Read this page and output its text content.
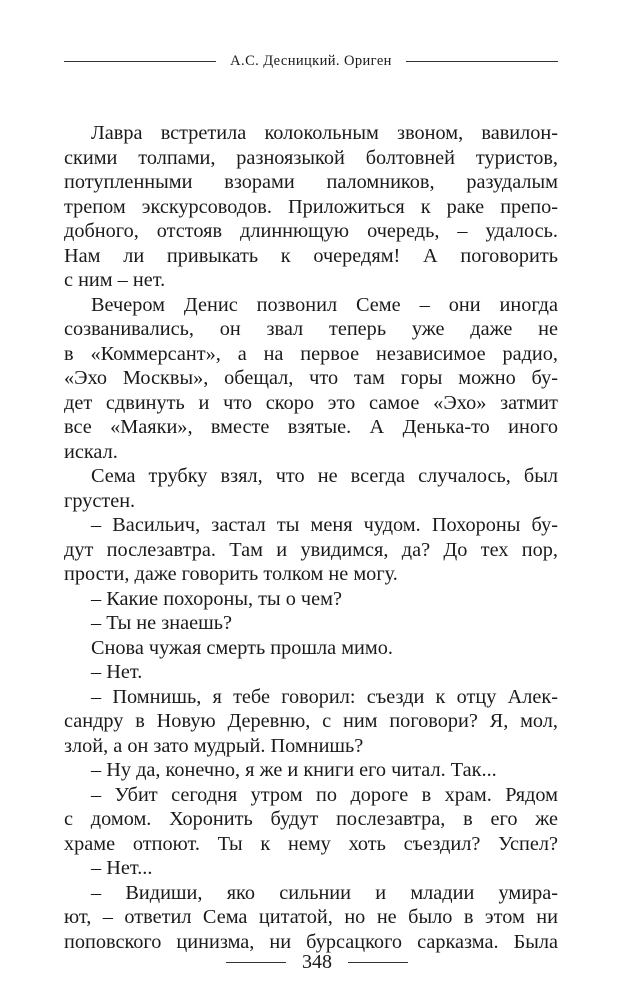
А.С. Десницкий. Ориген
Лавра встретила колокольным звоном, вавилон-
скими толпами, разноязыкой болтовней туристов,
потупленными взорами паломников, разудалым
трепом экскурсоводов. Приложиться к раке препо-
добного, отстояв длиннющую очередь, – удалось.
Нам ли привыкать к очередям! А поговорить
с ним – нет.
Вечером Денис позвонил Семе – они иногда
созванивались, он звал теперь уже даже не
в «Коммерсант», а на первое независимое радио,
«Эхо Москвы», обещал, что там горы можно бу-
дет сдвинуть и что скоро это самое «Эхо» затмит
все «Маяки», вместе взятые. А Денька-то иного
искал.
Сема трубку взял, что не всегда случалось, был
грустен.
– Васильич, застал ты меня чудом. Похороны бу-
дут послезавтра. Там и увидимся, да? До тех пор,
прости, даже говорить толком не могу.
– Какие похороны, ты о чем?
– Ты не знаешь?
Снова чужая смерть прошла мимо.
– Нет.
– Помнишь, я тебе говорил: съезди к отцу Алек-
сандру в Новую Деревню, с ним поговори? Я, мол,
злой, а он зато мудрый. Помнишь?
– Ну да, конечно, я же и книги его читал. Так...
– Убит сегодня утром по дороге в храм. Рядом
с домом. Хоронить будут послезавтра, в его же
храме отпоют. Ты к нему хоть съездил? Успел?
– Нет...
– Видиши, яко сильнии и младии умира-
ют, – ответил Сема цитатой, но не было в этом ни
поповского цинизма, ни бурсацкого сарказма. Была
348
